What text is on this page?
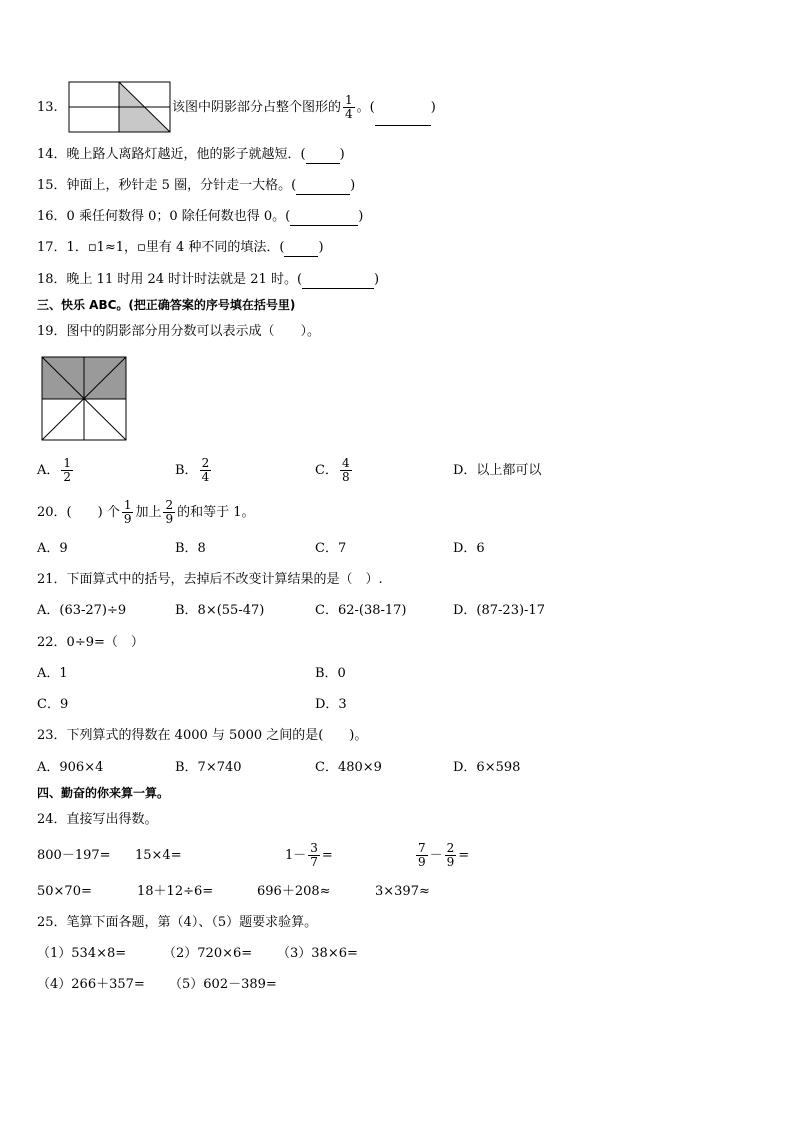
13.	该图中阴影部分占整个图形的 $\frac{1}{4}$ 。(	)
14．晚上路人离路灯越近，他的影子就越短．(	)
15．钟面上，秒针走 5 圈，分针走一大格。(	)
16．0 乘任何数得 0；0 除任何数也得 0。(	)
17．1．▫1≈1，▫里有 4 种不同的填法．(	)
18．晚上 11 时用 24 时计时法就是 21 时。(	)
三、快乐 ABC。(把正确答案的序号填在括号里)
19．图中的阴影部分用分数可以表示成（　　）。
A． $\frac{1}{2}$	B． $\frac{2}{4}$	C． $\frac{4}{8}$	D．以上都可以
20．(　　) 个 $\frac{1}{9}$ 加上 $\frac{2}{9}$ 的和等于 1。
A．9	B．8	C．7	D．6
21．下面算式中的括号，去掉后不改变计算结果的是（　）.
A．(63-27)÷9	B．8×(55-47)	C．62-(38-17)	D．(87-23)-17
22．0÷9=（　）
A．1	B．0
C．9	D．3
23．下列算式的得数在 4000 与 5000 之间的是(　　)。
A．906×4	B．7×740	C．480×9	D．6×598
四、勤奋的你来算一算。
24．直接写出得数。
800－197= 15×4=	$1- \frac{3}{7}$ =	$\frac{7}{9} - \frac{2}{9}$ =
50×70=	18＋12÷6=	696＋208≈	3×397≈
25．笔算下面各题，第（4）、（5）题要求验算。
（1）534×8=	（2）720×6= （3）38×6=
（4）266＋357= （5）602－389=
